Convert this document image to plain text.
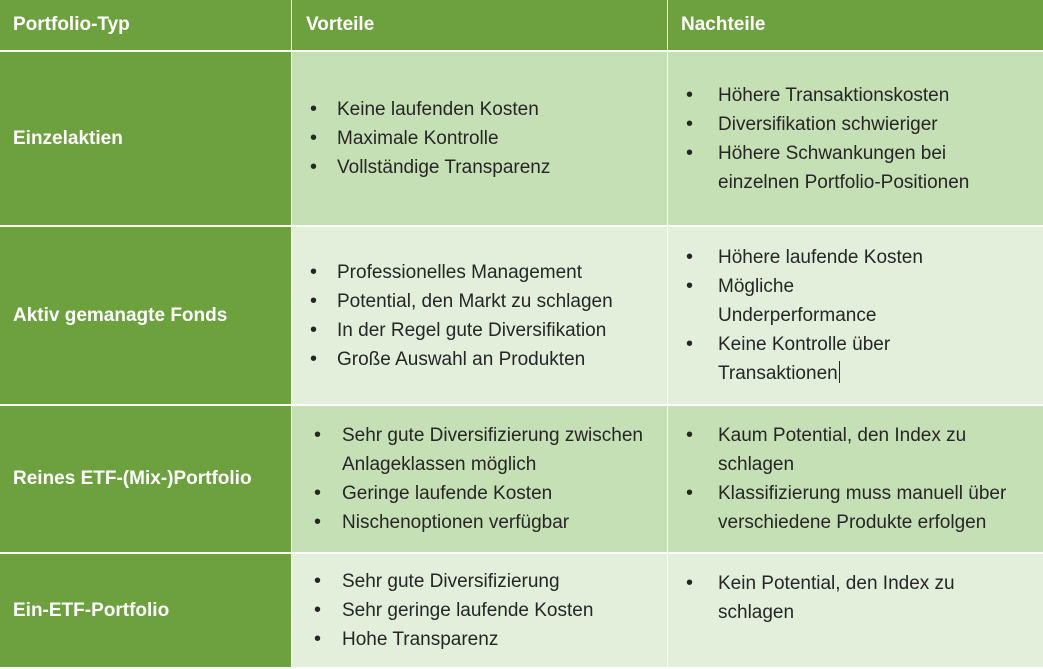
Portfolio-Typ	Vorteile	Nachteile
Einzelaktien
• Keine laufenden Kosten
• Maximale Kontrolle
• Vollständige Transparenz
• Höhere Transaktionskosten
• Diversifikation schwieriger
• Höhere Schwankungen bei einzelnen Portfolio-Positionen
Aktiv gemanagte Fonds
• Professionelles Management
• Potential, den Markt zu schlagen
• In der Regel gute Diversifikation
• Große Auswahl an Produkten
• Höhere laufende Kosten
• Mögliche Underperformance
• Keine Kontrolle über Transaktionen
Reines ETF-(Mix-)Portfolio
• Sehr gute Diversifizierung zwischen Anlageklassen möglich
• Geringe laufende Kosten
• Nischenoptionen verfügbar
• Kaum Potential, den Index zu schlagen
• Klassifizierung muss manuell über verschiedene Produkte erfolgen
Ein-ETF-Portfolio
• Sehr gute Diversifizierung
• Sehr geringe laufende Kosten
• Hohe Transparenz
• Kein Potential, den Index zu schlagen
